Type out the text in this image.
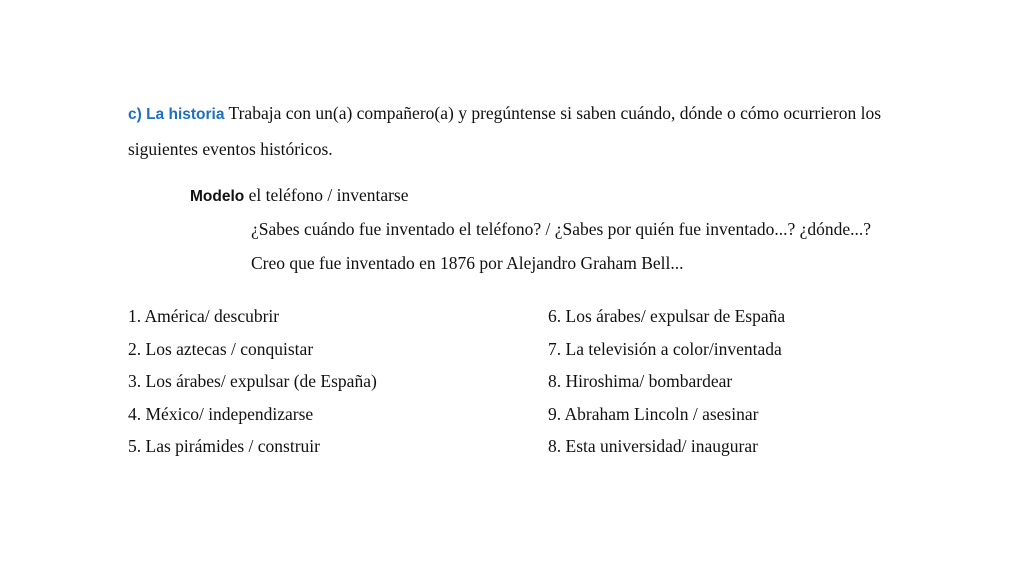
c) La historia Trabaja con un(a) compañero(a) y pregúntense si saben cuándo, dónde o cómo ocurrieron los siguientes eventos históricos.
Modelo el teléfono / inventarse
¿Sabes cuándo fue inventado el teléfono? / ¿Sabes por quién fue inventado...? ¿dónde...?
Creo que fue inventado en 1876 por Alejandro Graham Bell...
1. América/ descubrir
2. Los aztecas / conquistar
3. Los árabes/ expulsar (de España)
4. México/ independizarse
5. Las pirámides / construir
6. Los árabes/ expulsar de España
7. La televisión a color/inventada
8. Hiroshima/ bombardear
9. Abraham Lincoln / asesinar
8. Esta universidad/ inaugurar
